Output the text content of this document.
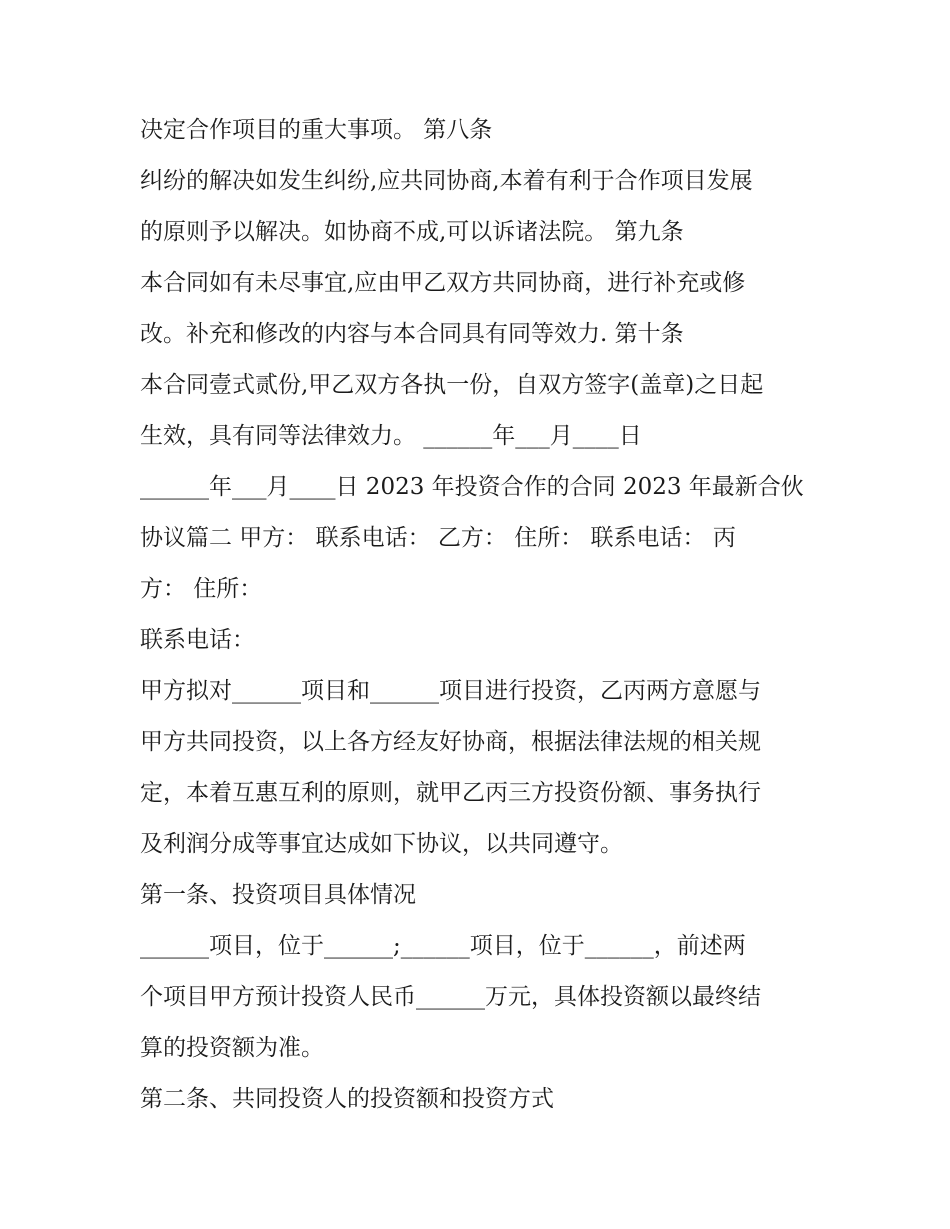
决定合作项目的重大事项。 第八条
纠纷的解决如发生纠纷,应共同协商,本着有利于合作项目发展
的原则予以解决。如协商不成,可以诉诸法院。 第九条
本合同如有未尽事宜,应由甲乙双方共同协商，进行补充或修
改。补充和修改的内容与本合同具有同等效力. 第十条
本合同壹式贰份,甲乙双方各执一份，自双方签字(盖章)之日起
生效，具有同等法律效力。 ______年___月____日
______年___月____日 2023 年投资合作的合同 2023 年最新合伙
协议篇二 甲方： 联系电话： 乙方： 住所： 联系电话： 丙
方： 住所：
联系电话：
甲方拟对______项目和______项目进行投资，乙丙两方意愿与
甲方共同投资，以上各方经友好协商，根据法律法规的相关规
定，本着互惠互利的原则，就甲乙丙三方投资份额、事务执行
及利润分成等事宜达成如下协议，以共同遵守。
第一条、投资项目具体情况
______项目，位于______;______项目，位于______，前述两
个项目甲方预计投资人民币______万元，具体投资额以最终结
算的投资额为准。
第二条、共同投资人的投资额和投资方式
